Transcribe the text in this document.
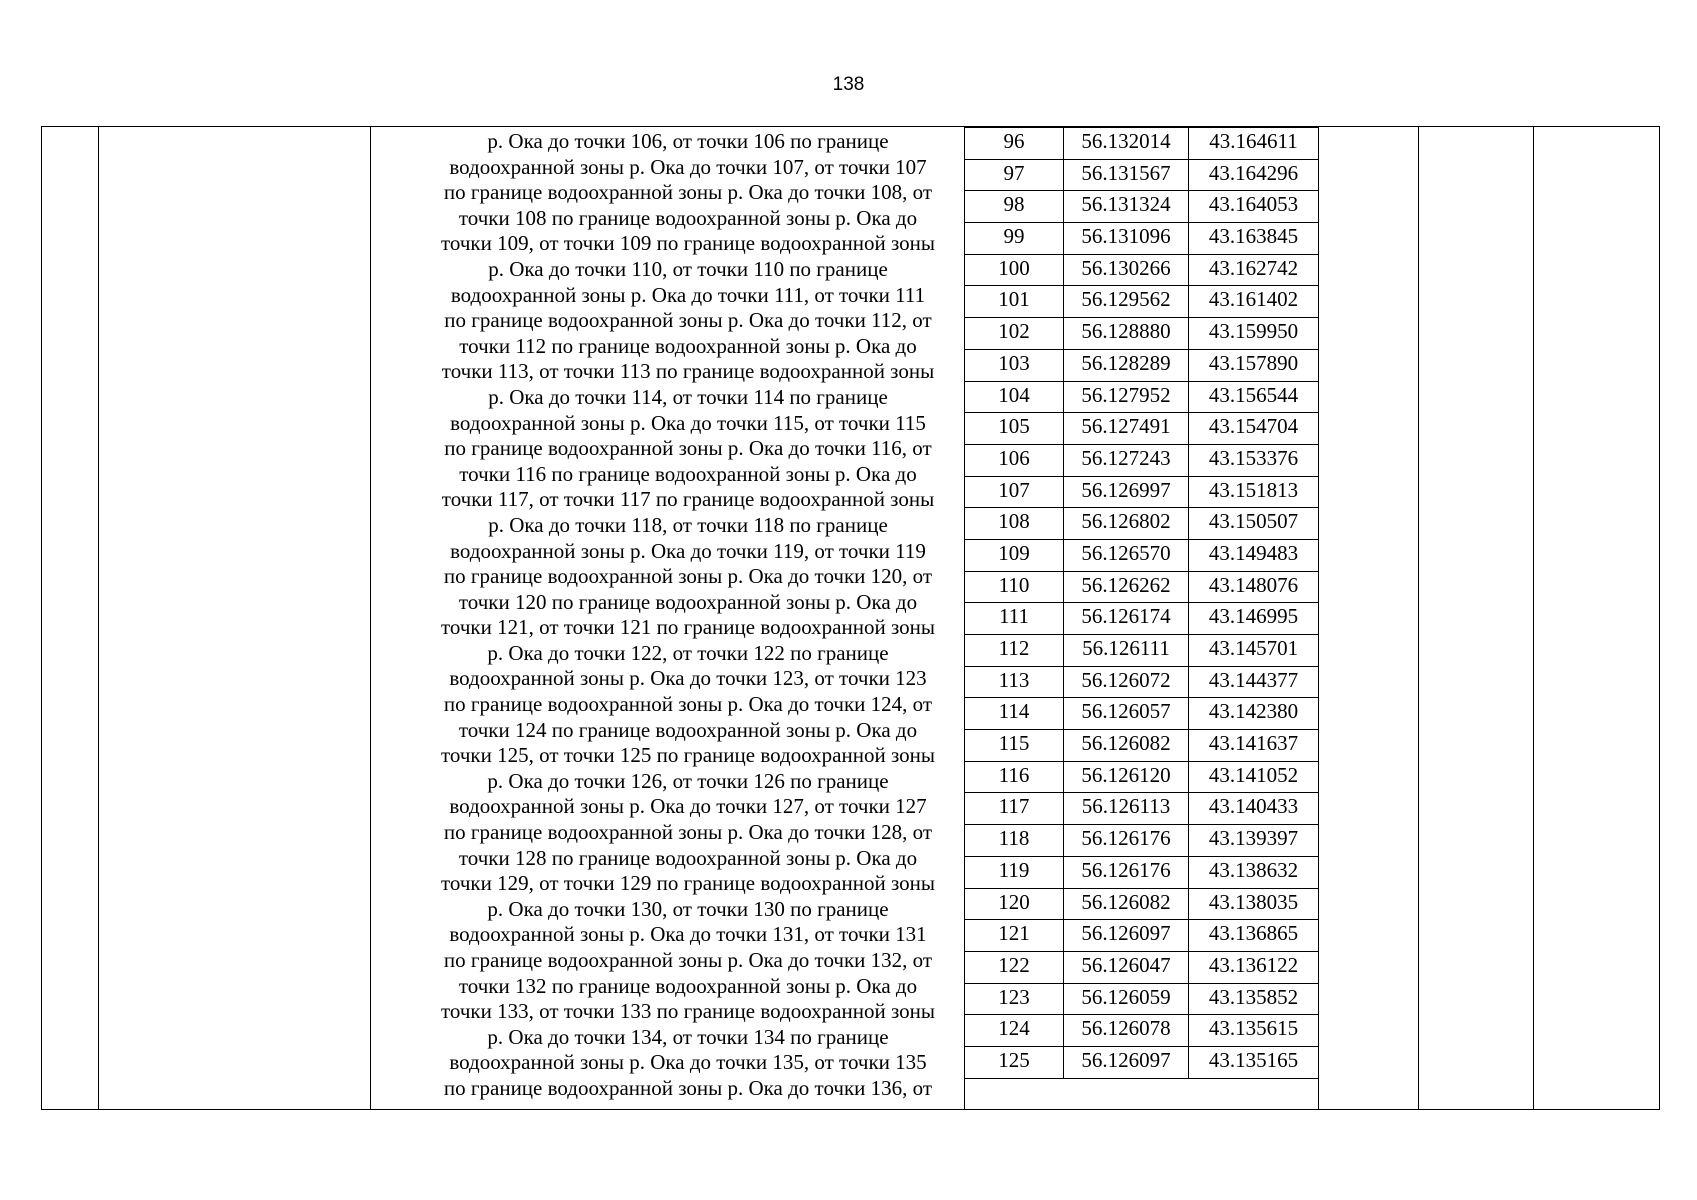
138
р. Ока до точки 106, от точки 106 по границе
водоохранной зоны р. Ока до точки 107, от точки 107
по границе водоохранной зоны р. Ока до точки 108, от
точки 108 по границе водоохранной зоны р. Ока до
точки 109, от точки 109 по границе водоохранной зоны
р. Ока до точки 110, от точки 110 по границе
водоохранной зоны р. Ока до точки 111, от точки 111
по границе водоохранной зоны р. Ока до точки 112, от
точки 112 по границе водоохранной зоны р. Ока до
точки 113, от точки 113 по границе водоохранной зоны
р. Ока до точки 114, от точки 114 по границе
водоохранной зоны р. Ока до точки 115, от точки 115
по границе водоохранной зоны р. Ока до точки 116, от
точки 116 по границе водоохранной зоны р. Ока до
точки 117, от точки 117 по границе водоохранной зоны
р. Ока до точки 118, от точки 118 по границе
водоохранной зоны р. Ока до точки 119, от точки 119
по границе водоохранной зоны р. Ока до точки 120, от
точки 120 по границе водоохранной зоны р. Ока до
точки 121, от точки 121 по границе водоохранной зоны
р. Ока до точки 122, от точки 122 по границе
водоохранной зоны р. Ока до точки 123, от точки 123
по границе водоохранной зоны р. Ока до точки 124, от
точки 124 по границе водоохранной зоны р. Ока до
точки 125, от точки 125 по границе водоохранной зоны
р. Ока до точки 126, от точки 126 по границе
водоохранной зоны р. Ока до точки 127, от точки 127
по границе водоохранной зоны р. Ока до точки 128, от
точки 128 по границе водоохранной зоны р. Ока до
точки 129, от точки 129 по границе водоохранной зоны
р. Ока до точки 130, от точки 130 по границе
водоохранной зоны р. Ока до точки 131, от точки 131
по границе водоохранной зоны р. Ока до точки 132, от
точки 132 по границе водоохранной зоны р. Ока до
точки 133, от точки 133 по границе водоохранной зоны
р. Ока до точки 134, от точки 134 по границе
водоохранной зоны р. Ока до точки 135, от точки 135
по границе водоохранной зоны р. Ока до точки 136, от
96	56.132014	43.164611
97	56.131567	43.164296
98	56.131324	43.164053
99	56.131096	43.163845
100	56.130266	43.162742
101	56.129562	43.161402
102	56.128880	43.159950
103	56.128289	43.157890
104	56.127952	43.156544
105	56.127491	43.154704
106	56.127243	43.153376
107	56.126997	43.151813
108	56.126802	43.150507
109	56.126570	43.149483
110	56.126262	43.148076
111	56.126174	43.146995
112	56.126111	43.145701
113	56.126072	43.144377
114	56.126057	43.142380
115	56.126082	43.141637
116	56.126120	43.141052
117	56.126113	43.140433
118	56.126176	43.139397
119	56.126176	43.138632
120	56.126082	43.138035
121	56.126097	43.136865
122	56.126047	43.136122
123	56.126059	43.135852
124	56.126078	43.135615
125	56.126097	43.135165
